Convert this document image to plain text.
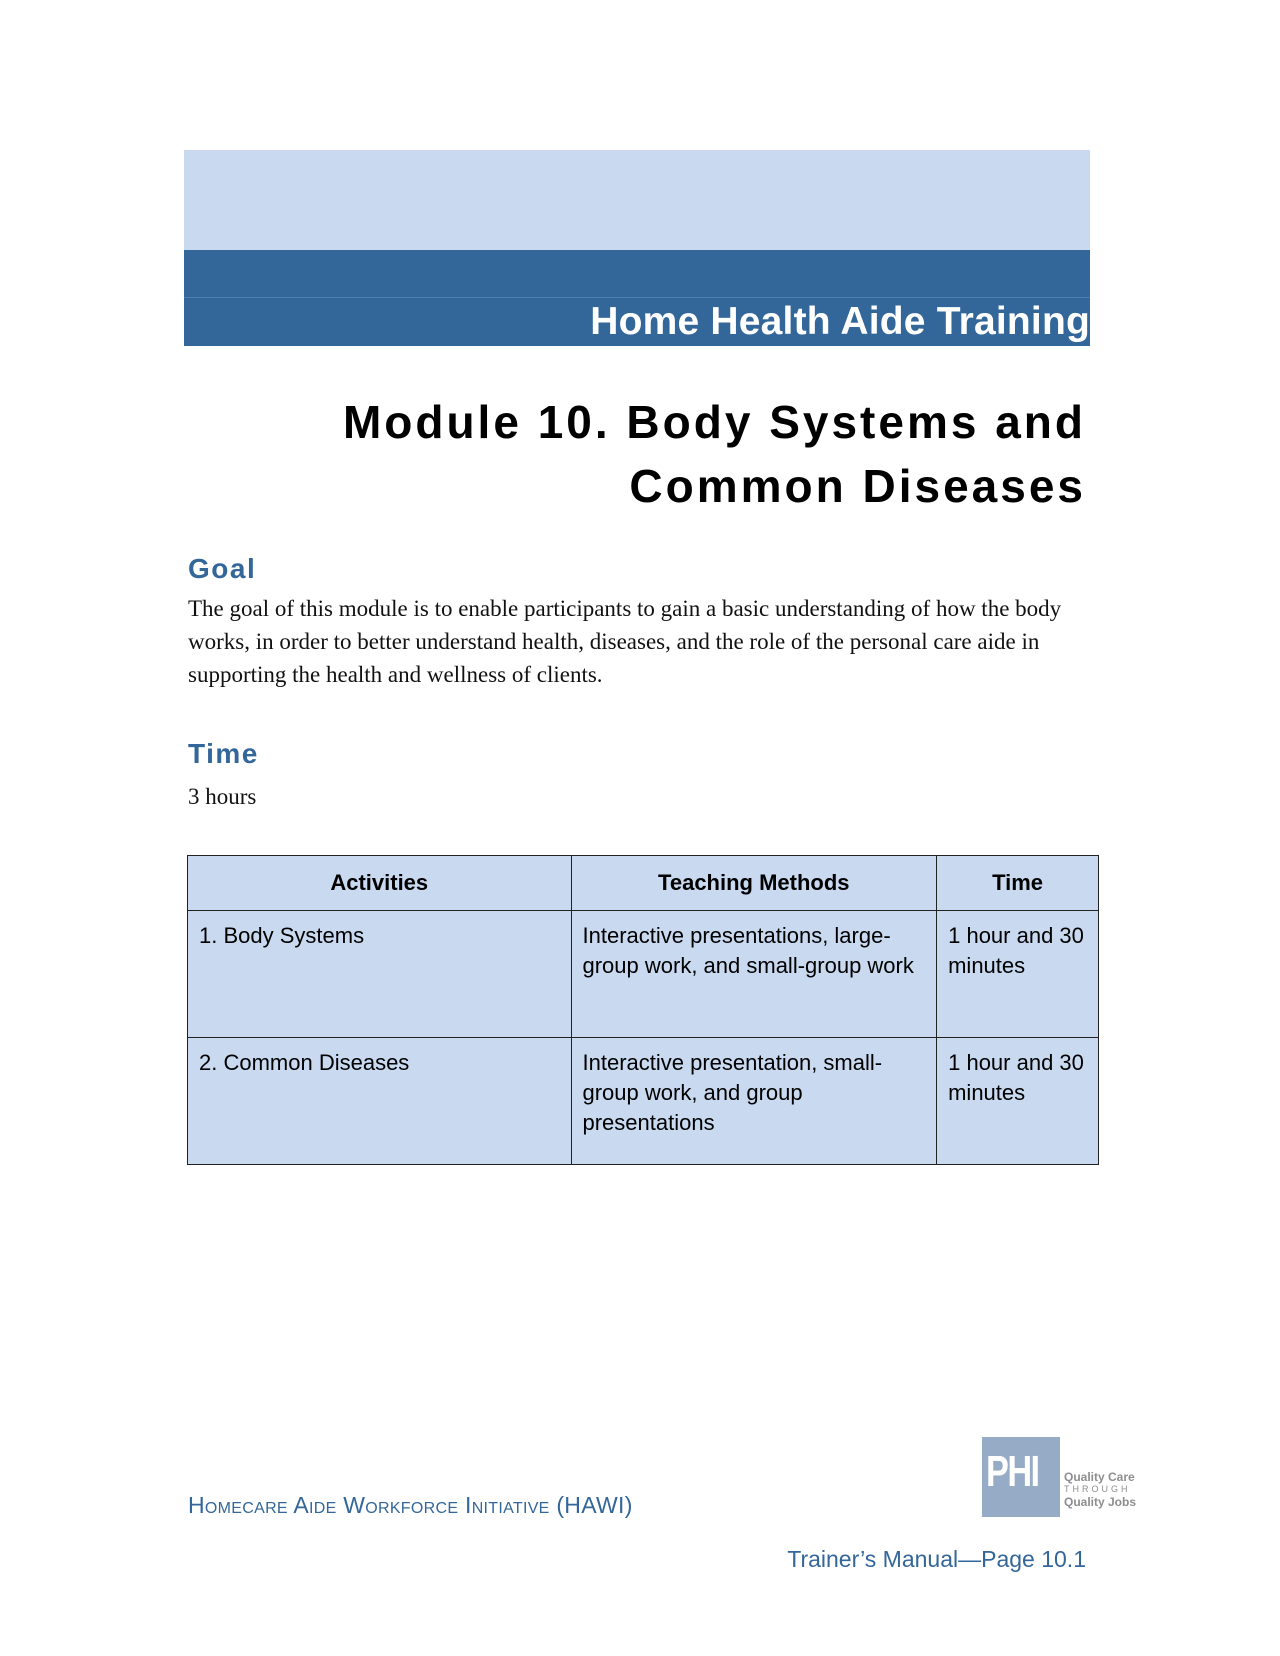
Home Health Aide Training
Module 10. Body Systems and
Common Diseases
Goal
The goal of this module is to enable participants to gain a basic understanding of how the body works, in order to better understand health, diseases, and the role of the personal care aide in supporting the health and wellness of clients.
Time
3 hours
Activities	Teaching Methods	Time
1. Body Systems	Interactive presentations, large-group work, and small-group work	1 hour and 30 minutes
2. Common Diseases	Interactive presentation, small-group work, and group presentations	1 hour and 30 minutes
PHI Quality Care
THROUGH
Quality Jobs
Homecare Aide Workforce Initiative (HAWI)
Trainer’s Manual—Page 10.1
